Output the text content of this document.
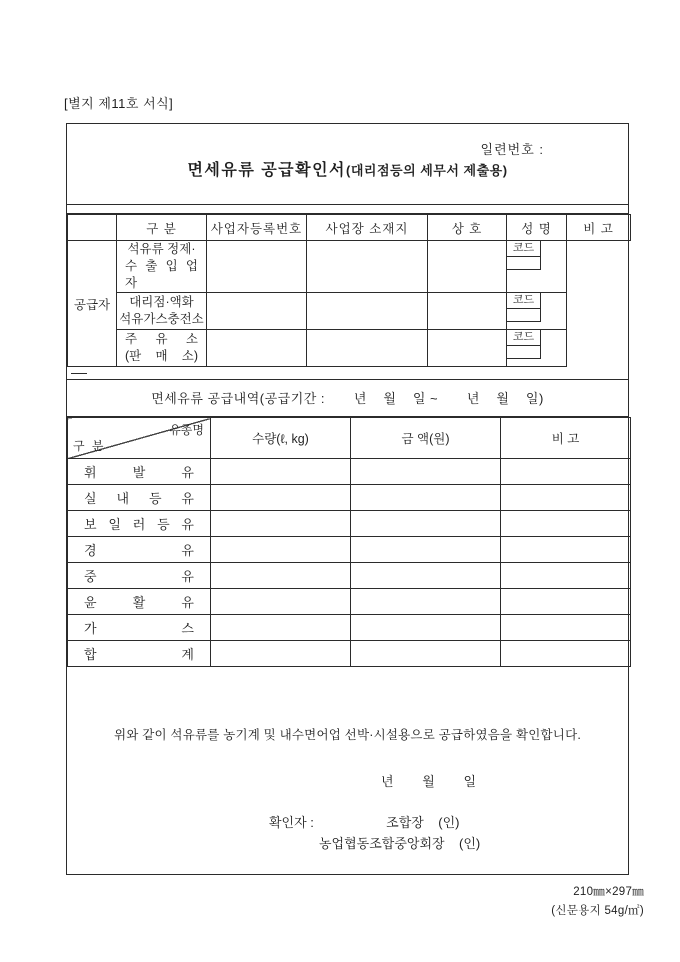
[별지 제11호 서식]
일련번호 :
면세유류 공급확인서(대리점등의 세무서 제출용)
	구 분	사업자등록번호	사업장 소재지	상 호	성 명	비 고
공급자	석유류 정제·
수 출 입 업 자				코드	

	대리점·액화
석유가스충전소				코드	

	주 유 소
(판 매 소)				코드	
면세유류 공급내역(공급기간 :       년    월    일 ~       년    월    일)
유종명
구 분	수량(ℓ, kg)	금 액(원)	비 고

휘 발 유			

실 내 등 유			

보 일 러 등 유			

경 유			

중 유			

윤 활 유			

가 스			

합 계			

위와 같이 석유류를 농기계 및 내수면어업 선박·시설용으로 공급하였음을 확인합니다.
년      월      일
확인자 :                    조합장    (인)
농업협동조합중앙회장    (인)
210㎜×297㎜
(신문용지 54g/㎡)
